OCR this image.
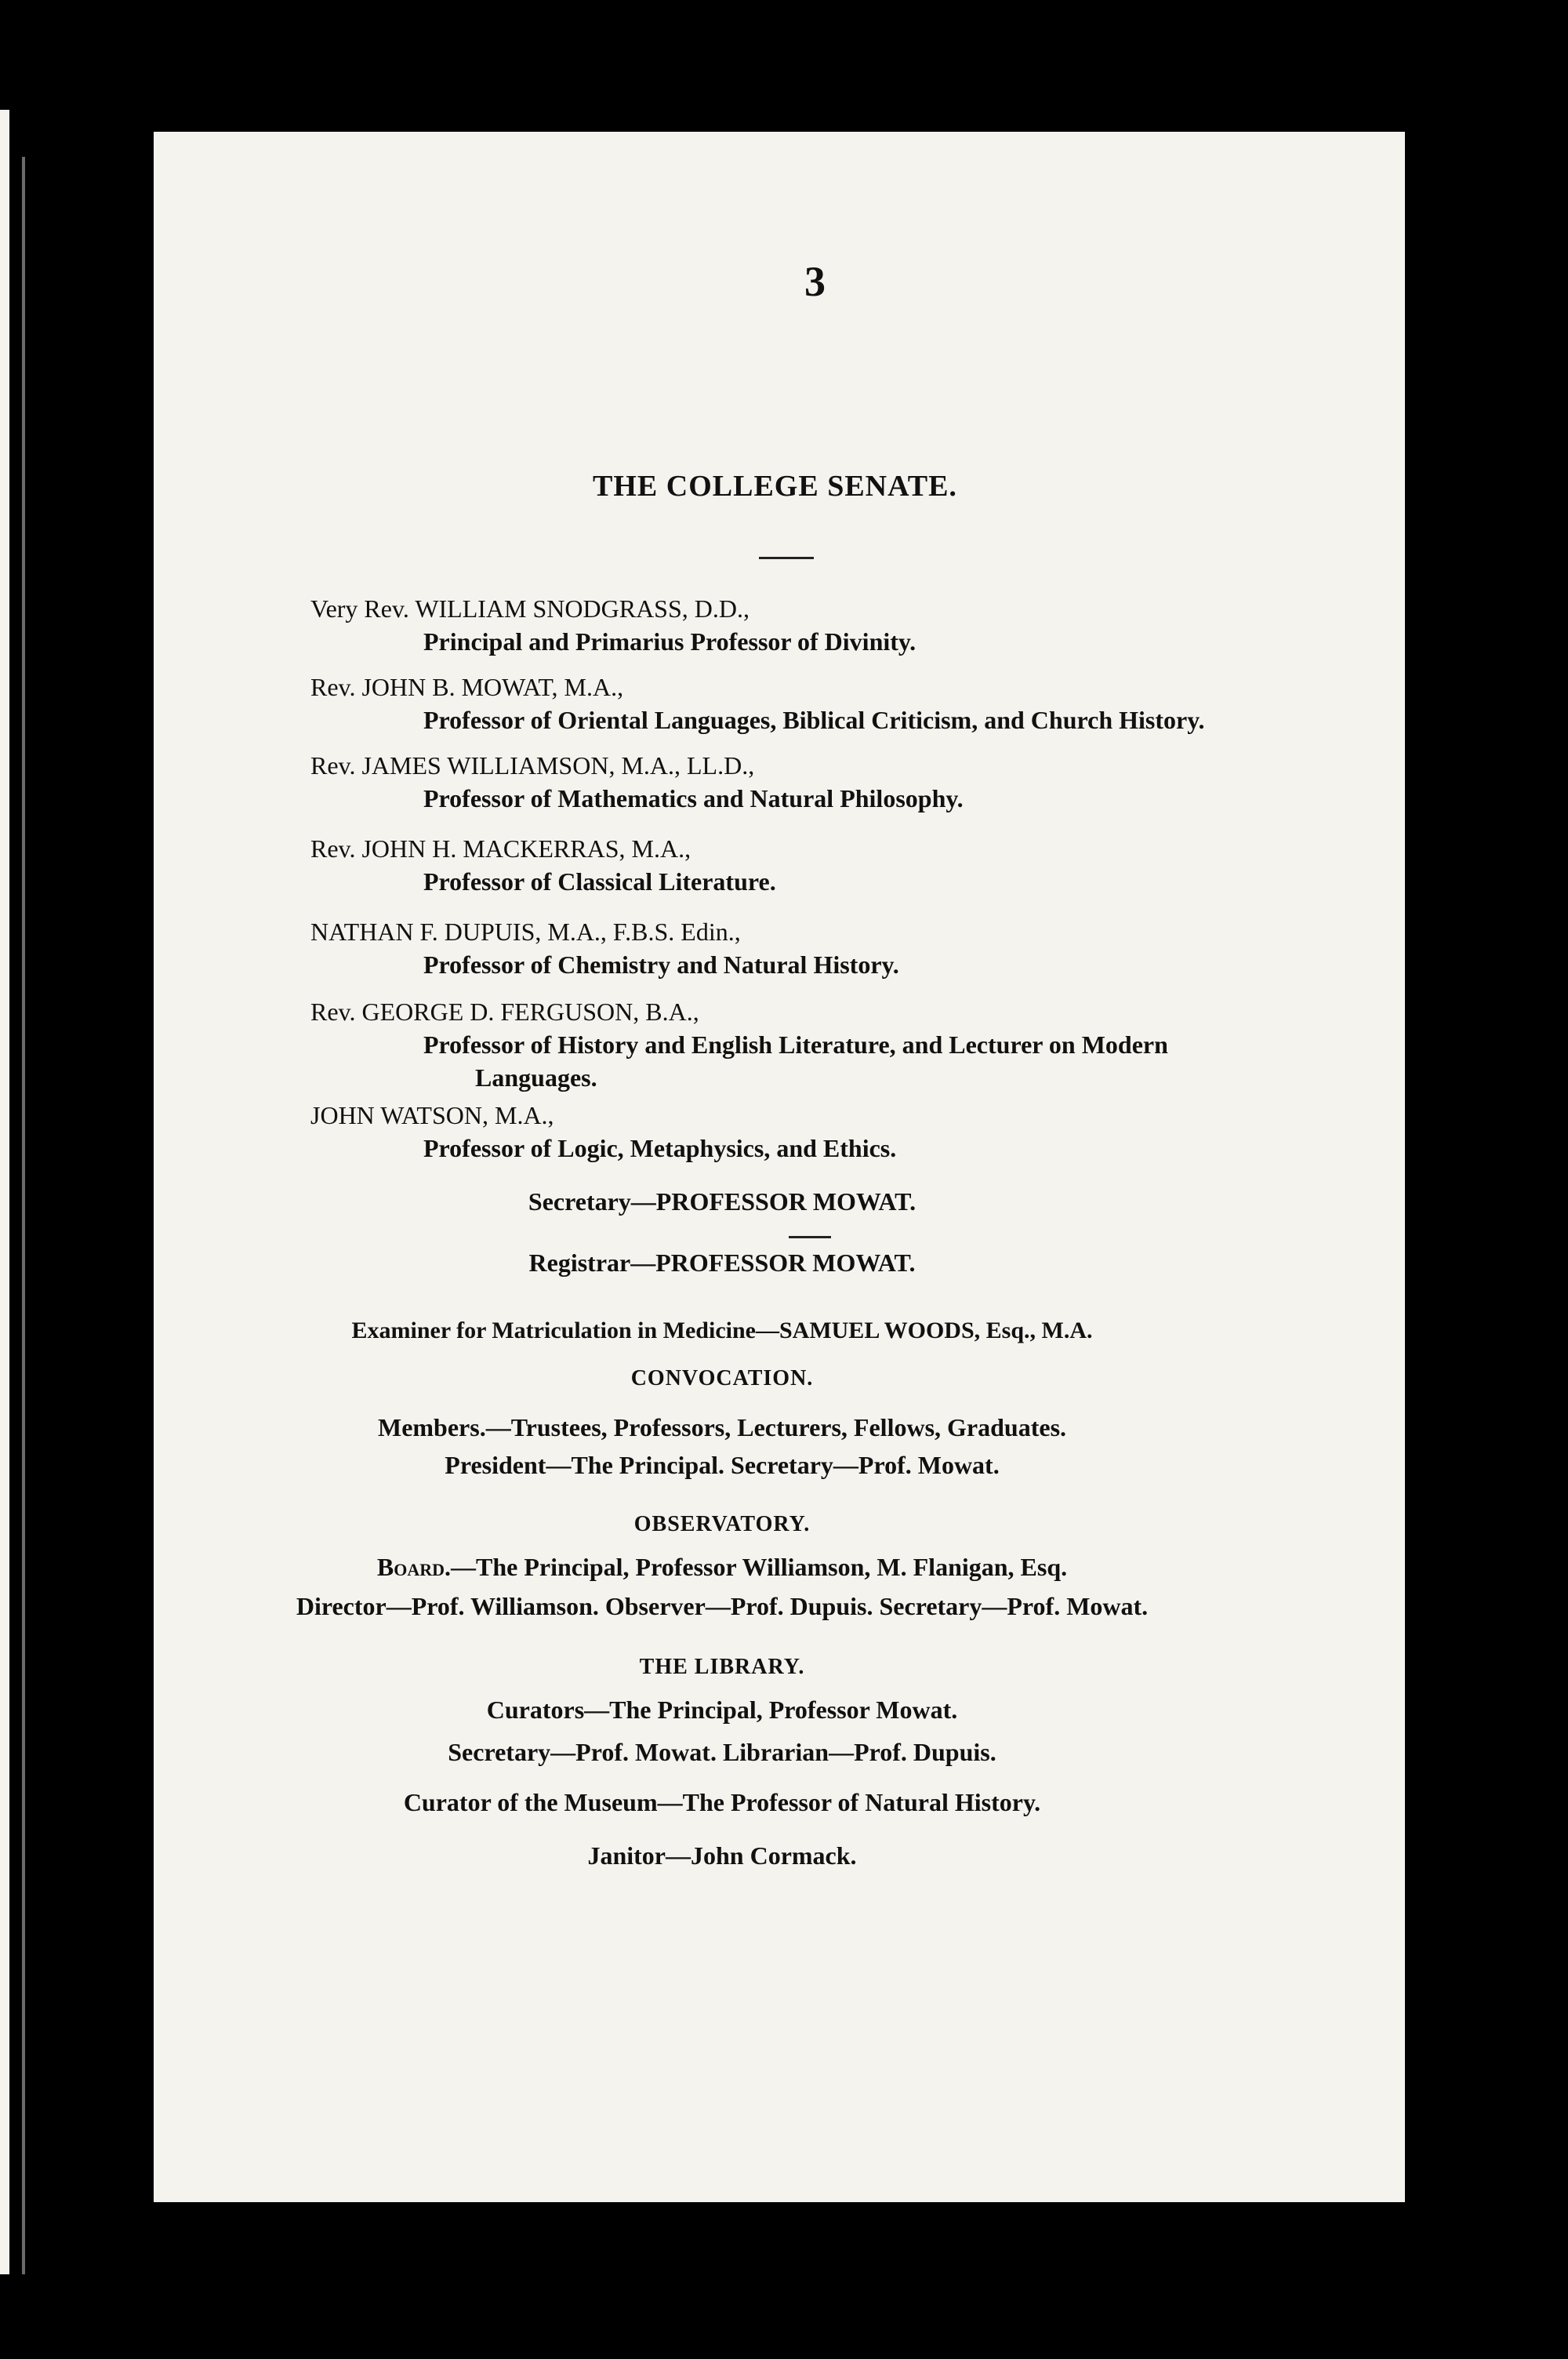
3
THE COLLEGE SENATE.
Very Rev. WILLIAM SNODGRASS, D.D.,
Principal and Primarius Professor of Divinity.
Rev. JOHN B. MOWAT, M.A.,
Professor of Oriental Languages, Biblical Criticism, and Church History.
Rev. JAMES WILLIAMSON, M.A., LL.D.,
Professor of Mathematics and Natural Philosophy.
Rev. JOHN H. MACKERRAS, M.A.,
Professor of Classical Literature.
NATHAN F. DUPUIS, M.A., F.B.S. Edin.,
Professor of Chemistry and Natural History.
Rev. GEORGE D. FERGUSON, B.A.,
Professor of History and English Literature, and Lecturer on Modern
Languages.
JOHN WATSON, M.A.,
Professor of Logic, Metaphysics, and Ethics.
Secretary—PROFESSOR MOWAT.
Registrar—PROFESSOR MOWAT.
Examiner for Matriculation in Medicine—SAMUEL WOODS, Esq., M.A.
CONVOCATION.
Members.—Trustees, Professors, Lecturers, Fellows, Graduates.
President—The Principal. Secretary—Prof. Mowat.
OBSERVATORY.
Board.—The Principal, Professor Williamson, M. Flanigan, Esq.
Director—Prof. Williamson. Observer—Prof. Dupuis. Secretary—Prof. Mowat.
THE LIBRARY.
Curators—The Principal, Professor Mowat.
Secretary—Prof. Mowat. Librarian—Prof. Dupuis.
Curator of the Museum—The Professor of Natural History.
Janitor—John Cormack.
